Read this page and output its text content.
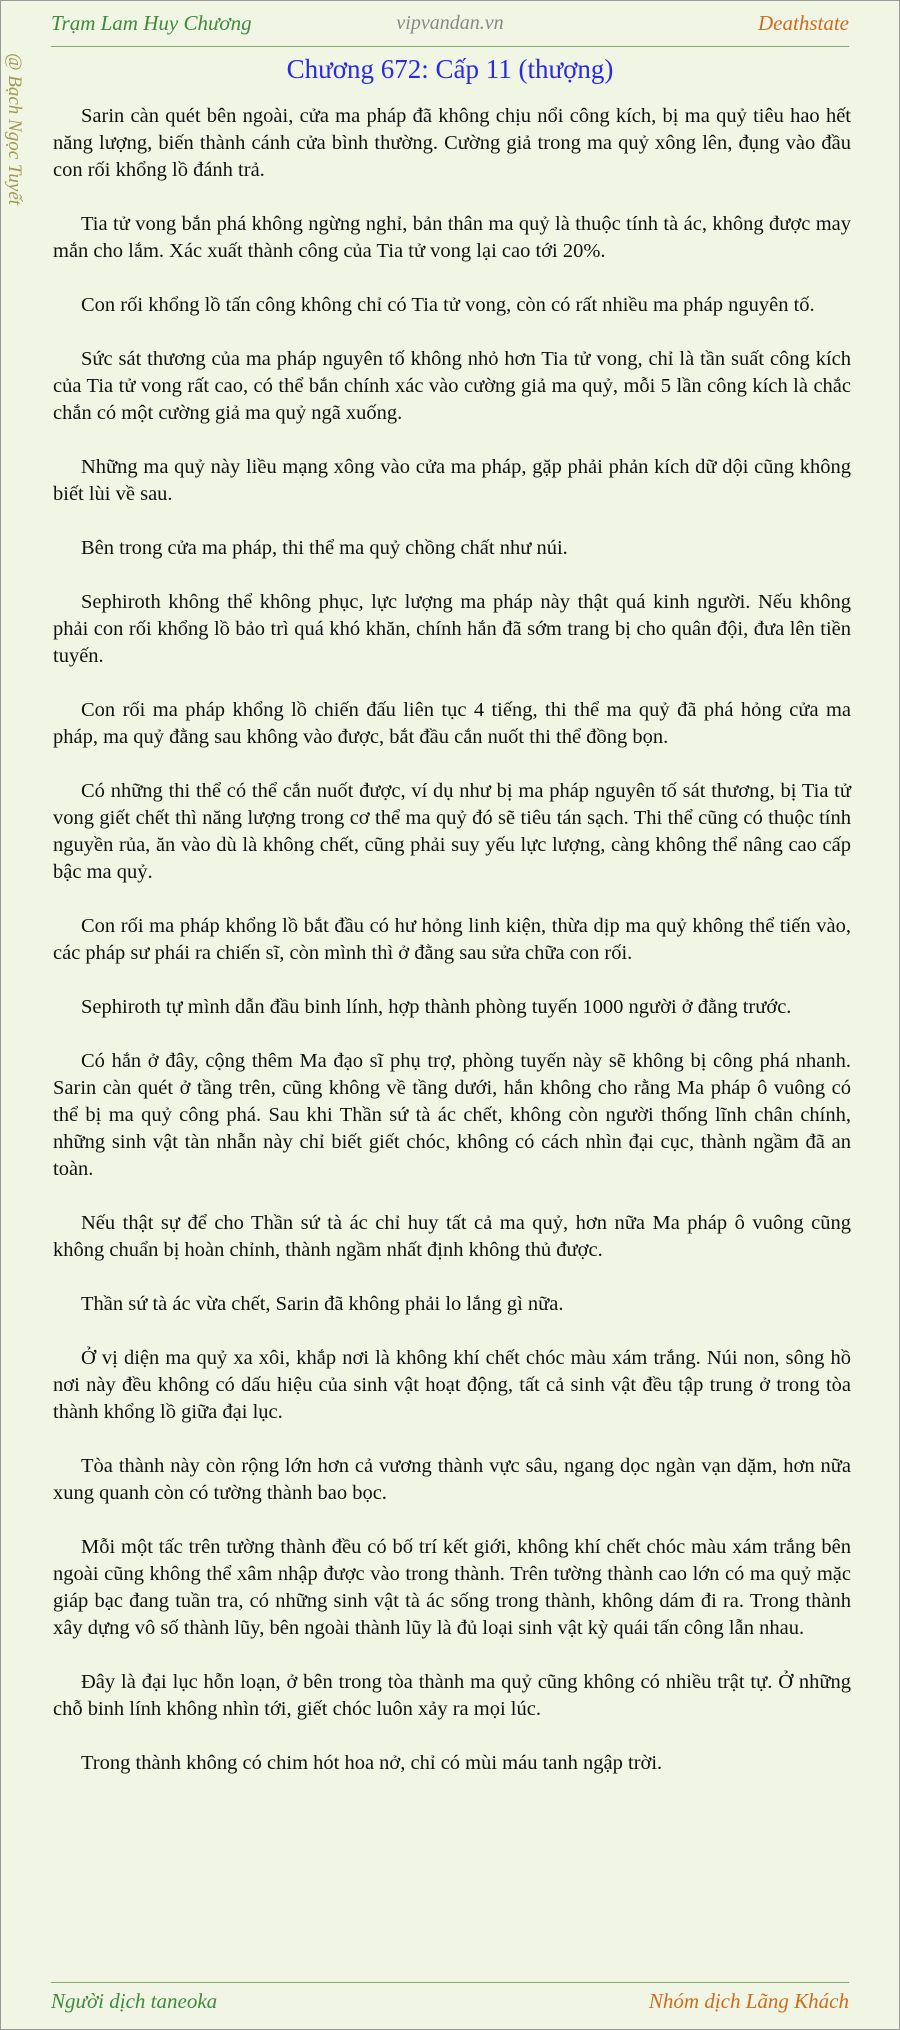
@ Bạch Ngọc Tuyết
vipvandan.vn
Trạm Lam Huy Chương	Deathstate
Chương 672: Cấp 11 (thượng)

Sarin càn quét bên ngoài, cửa ma pháp đã không chịu nổi công kích, bị ma quỷ tiêu hao hết năng lượng, biến thành cánh cửa bình thường. Cường giả trong ma quỷ xông lên, đụng vào đầu con rối khổng lồ đánh trả.

Tia tử vong bắn phá không ngừng nghỉ, bản thân ma quỷ là thuộc tính tà ác, không được may mắn cho lắm. Xác xuất thành công của Tia tử vong lại cao tới 20%.

Con rối khổng lồ tấn công không chỉ có Tia tử vong, còn có rất nhiều ma pháp nguyên tố.

Sức sát thương của ma pháp nguyên tố không nhỏ hơn Tia tử vong, chỉ là tần suất công kích của Tia tử vong rất cao, có thể bắn chính xác vào cường giả ma quỷ, mỗi 5 lần công kích là chắc chắn có một cường giả ma quỷ ngã xuống.

Những ma quỷ này liều mạng xông vào cửa ma pháp, gặp phải phản kích dữ dội cũng không biết lùi về sau.

Bên trong cửa ma pháp, thi thể ma quỷ chồng chất như núi.

Sephiroth không thể không phục, lực lượng ma pháp này thật quá kinh người. Nếu không phải con rối khổng lồ bảo trì quá khó khăn, chính hắn đã sớm trang bị cho quân đội, đưa lên tiền tuyến.

Con rối ma pháp khổng lồ chiến đấu liên tục 4 tiếng, thi thể ma quỷ đã phá hỏng cửa ma pháp, ma quỷ đằng sau không vào được, bắt đầu cắn nuốt thi thể đồng bọn.

Có những thi thể có thể cắn nuốt được, ví dụ như bị ma pháp nguyên tố sát thương, bị Tia tử vong giết chết thì năng lượng trong cơ thể ma quỷ đó sẽ tiêu tán sạch. Thi thể cũng có thuộc tính nguyền rủa, ăn vào dù là không chết, cũng phải suy yếu lực lượng, càng không thể nâng cao cấp bậc ma quỷ.

Con rối ma pháp khổng lồ bắt đầu có hư hỏng linh kiện, thừa dịp ma quỷ không thể tiến vào, các pháp sư phái ra chiến sĩ, còn mình thì ở đằng sau sửa chữa con rối.

Sephiroth tự mình dẫn đầu binh lính, hợp thành phòng tuyến 1000 người ở đằng trước.

Có hắn ở đây, cộng thêm Ma đạo sĩ phụ trợ, phòng tuyến này sẽ không bị công phá nhanh. Sarin càn quét ở tầng trên, cũng không về tầng dưới, hắn không cho rằng Ma pháp ô vuông có thể bị ma quỷ công phá. Sau khi Thần sứ tà ác chết, không còn người thống lĩnh chân chính, những sinh vật tàn nhẫn này chỉ biết giết chóc, không có cách nhìn đại cục, thành ngầm đã an toàn.

Nếu thật sự để cho Thần sứ tà ác chỉ huy tất cả ma quỷ, hơn nữa Ma pháp ô vuông cũng không chuẩn bị hoàn chỉnh, thành ngầm nhất định không thủ được.

Thần sứ tà ác vừa chết, Sarin đã không phải lo lắng gì nữa.

Ở vị diện ma quỷ xa xôi, khắp nơi là không khí chết chóc màu xám trắng. Núi non, sông hồ nơi này đều không có dấu hiệu của sinh vật hoạt động, tất cả sinh vật đều tập trung ở trong tòa thành khổng lồ giữa đại lục.

Tòa thành này còn rộng lớn hơn cả vương thành vực sâu, ngang dọc ngàn vạn dặm, hơn nữa xung quanh còn có tường thành bao bọc.

Mỗi một tấc trên tường thành đều có bố trí kết giới, không khí chết chóc màu xám trắng bên ngoài cũng không thể xâm nhập được vào trong thành. Trên tường thành cao lớn có ma quỷ mặc giáp bạc đang tuần tra, có những sinh vật tà ác sống trong thành, không dám đi ra. Trong thành xây dựng vô số thành lũy, bên ngoài thành lũy là đủ loại sinh vật kỳ quái tấn công lẫn nhau.

Đây là đại lục hỗn loạn, ở bên trong tòa thành ma quỷ cũng không có nhiều trật tự. Ở những chỗ binh lính không nhìn tới, giết chóc luôn xảy ra mọi lúc.

Trong thành không có chim hót hoa nở, chỉ có mùi máu tanh ngập trời.

Người dịch taneoka	Nhóm dịch Lãng Khách
